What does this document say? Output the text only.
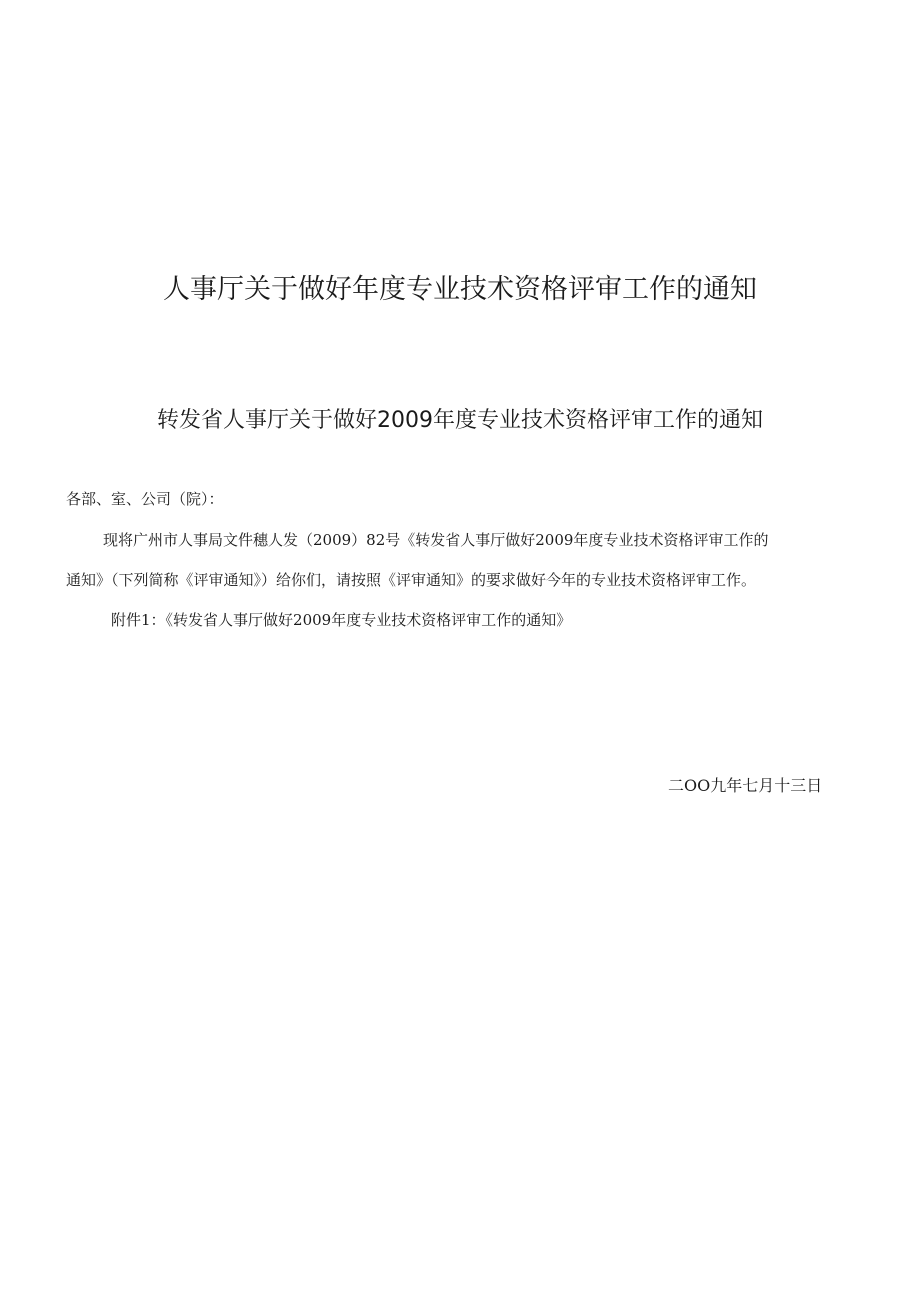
人事厅关于做好年度专业技术资格评审工作的通知
转发省人事厅关于做好2009年度专业技术资格评审工作的通知
各部、室、公司（院）：
现将广州市人事局文件穗人发（2009）82号《转发省人事厅做好2009年度专业技术资格评审工作的
通知》（下列简称《评审通知》）给你们，请按照《评审通知》的要求做好今年的专业技术资格评审工作。
附件1：《转发省人事厅做好2009年度专业技术资格评审工作的通知》
二OO九年七月十三日
